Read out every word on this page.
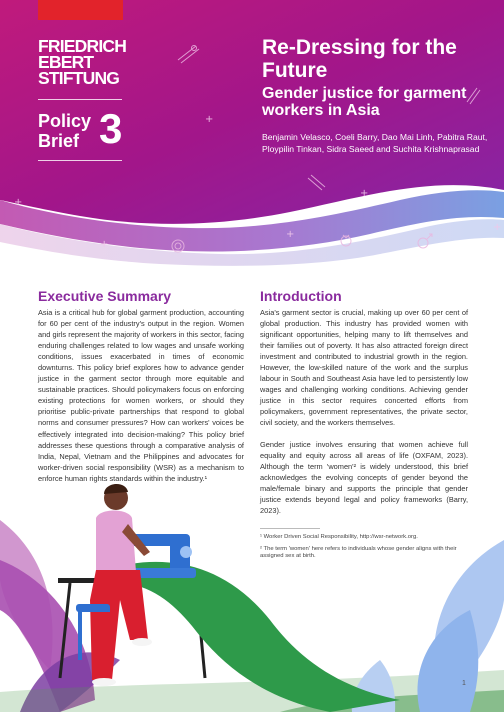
+
+
+
+
+
+
FRIEDRICH
EBERT
STIFTUNG
Policy
Brief 3
Re-Dressing for the Future
Gender justice for garment workers in Asia
Benjamin Velasco, Coeli Barry, Dao Mai Linh, Pabitra Raut, Ploypilin Tinkan, Sidra Saeed and Suchita Krishnaprasad
Executive Summary

Asia is a critical hub for global garment production, accounting for 60 per cent of the industry's output in the region. Women and girls represent the majority of workers in this sector, facing enduring challenges related to low wages and unsafe working conditions, issues exacerbated in times of economic downturns. This policy brief explores how to advance gender justice in the garment sector through more equitable and sustainable practices. Should policymakers focus on enforcing existing protections for women workers, or should they prioritise public-private partnerships that respond to global norms and consumer pressures? How can workers' voices be effectively integrated into decision-making? This policy brief addresses these questions through a comparative analysis of India, Nepal, Vietnam and the Philippines and advocates for worker-driven social responsibility (WSR) as a mechanism to enforce human rights standards within the industry.¹

Introduction

Asia's garment sector is crucial, making up over 60 per cent of global production. This industry has provided women with significant opportunities, helping many to lift themselves and their families out of poverty. It has also attracted foreign direct investment and contributed to industrial growth in the region. However, the low-skilled nature of the work and the surplus labour in South and Southeast Asia have led to persistently low wages and challenging working conditions. Achieving gender justice in this sector requires concerted efforts from policymakers, government representatives, the private sector, civil society, and the workers themselves.

Gender justice involves ensuring that women achieve full equality and equity across all areas of life (OXFAM, 2023). Although the term 'women'² is widely understood, this brief acknowledges the evolving concepts of gender beyond the male/female binary and supports the principle that gender justice extends beyond legal and policy frameworks (Barry, 2023).

¹ Worker Driven Social Responsibility, http://wsr-network.org.

² The term 'women' here refers to individuals whose gender aligns with their assigned sex at birth.

1
